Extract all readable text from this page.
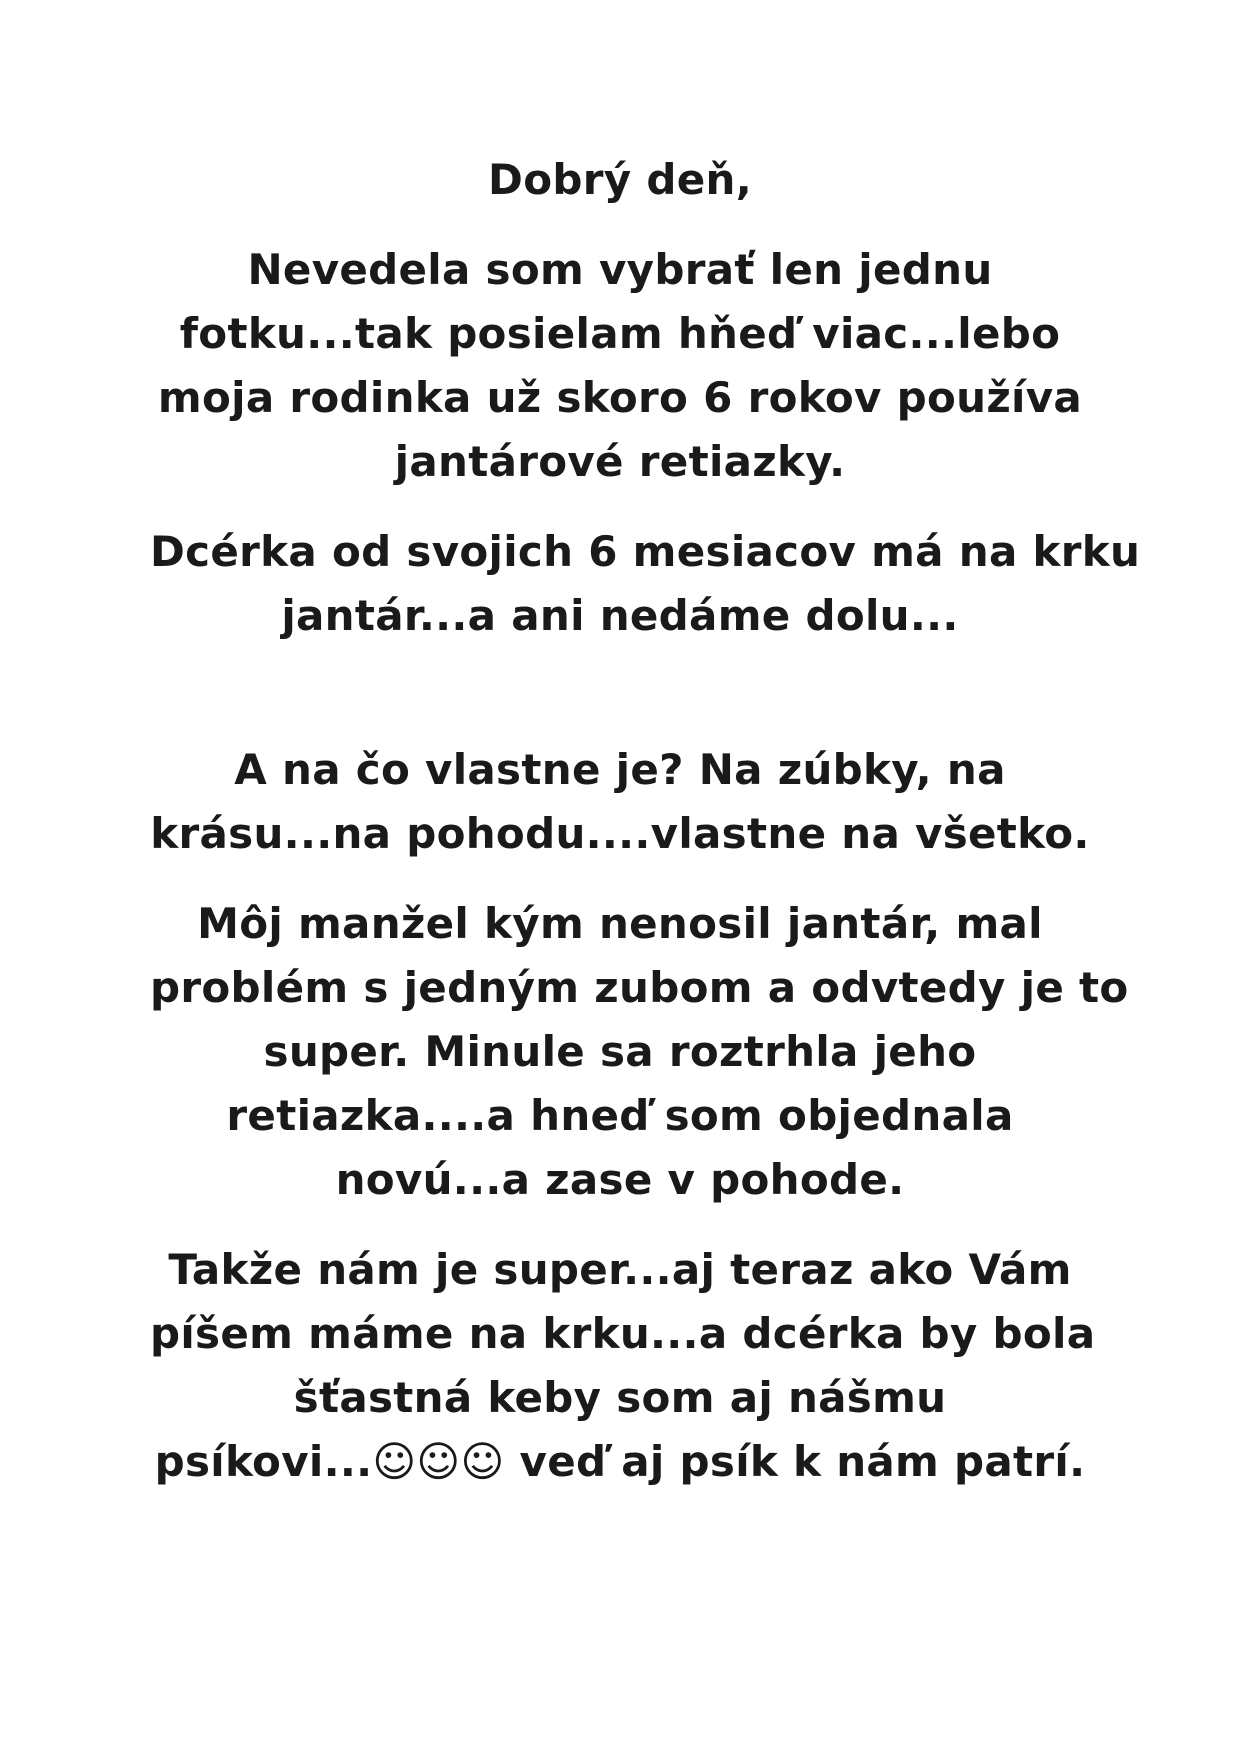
Dobrý deň,

Nevedela som vybrať len jednu
fotku...tak posielam hňeď viac...lebo
moja rodinka už skoro 6 rokov používa
jantárové retiazky.

Dcérka od svojich 6 mesiacov má na krku
jantár...a ani nedáme dolu...

A na čo vlastne je? Na zúbky, na
krásu...na pohodu....vlastne na všetko.

Môj manžel kým nenosil jantár, mal
problém s jedným zubom a odvtedy je to
super. Minule sa roztrhla jeho
retiazka....a hneď som objednala
novú...a zase v pohode.

Takže nám je super...aj teraz ako Vám
píšem máme na krku...a dcérka by bola
šťastná keby som aj nášmu
psíkovi...☺☺☺ veď aj psík k nám patrí.
